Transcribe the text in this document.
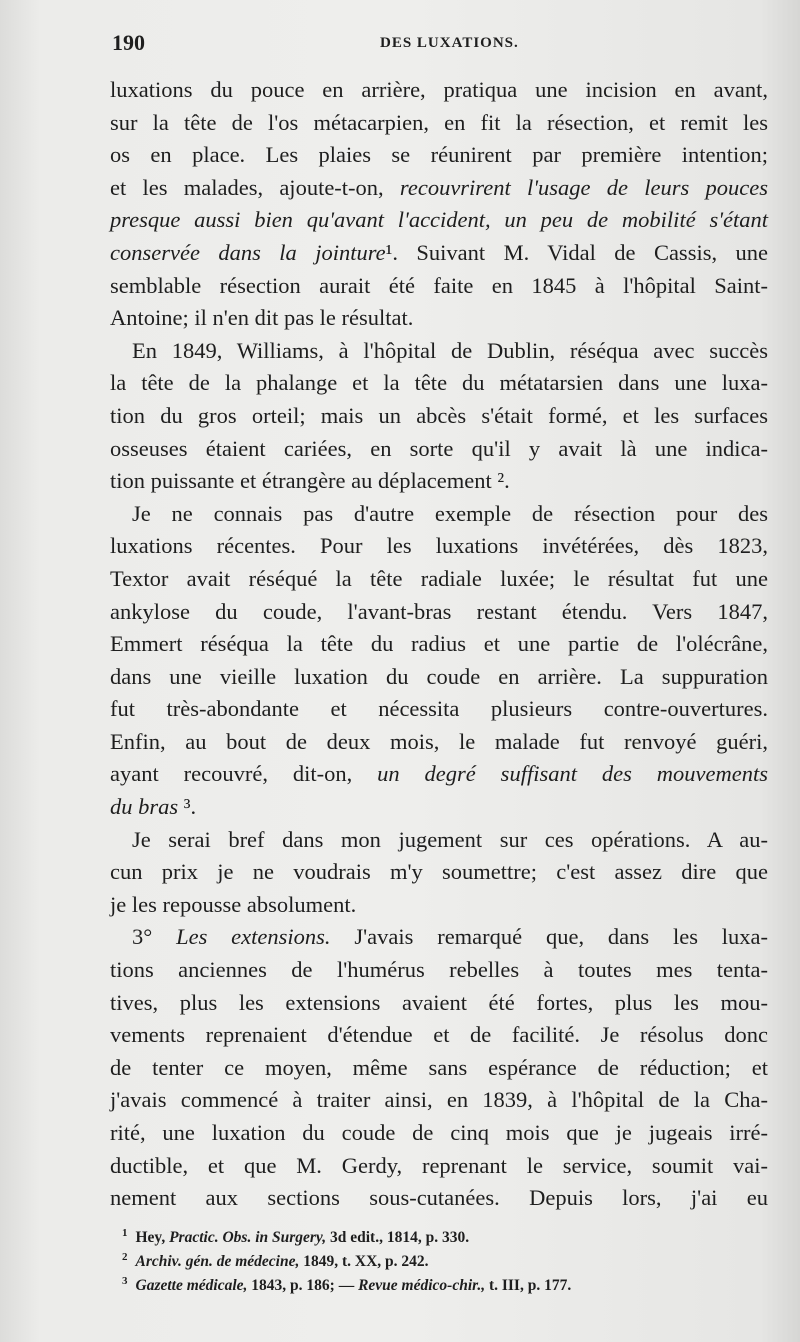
190	DES LUXATIONS.
luxations du pouce en arrière, pratiqua une incision en avant,
sur la tête de l'os métacarpien, en fit la résection, et remit les
os en place. Les plaies se réunirent par première intention;
et les malades, ajoute-t-on, recouvrirent l'usage de leurs pouces
presque aussi bien qu'avant l'accident, un peu de mobilité s'étant
conservée dans la jointure¹. Suivant M. Vidal de Cassis, une
semblable résection aurait été faite en 1845 à l'hôpital Saint-
Antoine; il n'en dit pas le résultat.
En 1849, Williams, à l'hôpital de Dublin, réséqua avec succès
la tête de la phalange et la tête du métatarsien dans une luxa-
tion du gros orteil; mais un abcès s'était formé, et les surfaces
osseuses étaient cariées, en sorte qu'il y avait là une indica-
tion puissante et étrangère au déplacement ².
Je ne connais pas d'autre exemple de résection pour des
luxations récentes. Pour les luxations invétérées, dès 1823,
Textor avait réséqué la tête radiale luxée; le résultat fut une
ankylose du coude, l'avant-bras restant étendu. Vers 1847,
Emmert réséqua la tête du radius et une partie de l'olécrâne,
dans une vieille luxation du coude en arrière. La suppuration
fut très-abondante et nécessita plusieurs contre-ouvertures.
Enfin, au bout de deux mois, le malade fut renvoyé guéri,
ayant recouvré, dit-on, un degré suffisant des mouvements
du bras ³.
Je serai bref dans mon jugement sur ces opérations. A au-
cun prix je ne voudrais m'y soumettre; c'est assez dire que
je les repousse absolument.
3° Les extensions. J'avais remarqué que, dans les luxa-
tions anciennes de l'humérus rebelles à toutes mes tenta-
tives, plus les extensions avaient été fortes, plus les mou-
vements reprenaient d'étendue et de facilité. Je résolus donc
de tenter ce moyen, même sans espérance de réduction; et
j'avais commencé à traiter ainsi, en 1839, à l'hôpital de la Cha-
rité, une luxation du coude de cinq mois que je jugeais irré-
ductible, et que M. Gerdy, reprenant le service, soumit vai-
nement aux sections sous-cutanées. Depuis lors, j'ai eu
$^1$ Hey, Practic. Obs. in Surgery, 3d edit., 1814, p. 330.
$^2$ Archiv. gén. de médecine, 1849, t. XX, p. 242.
$^3$ Gazette médicale, 1843, p. 186; — Revue médico-chir., t. III, p. 177.
